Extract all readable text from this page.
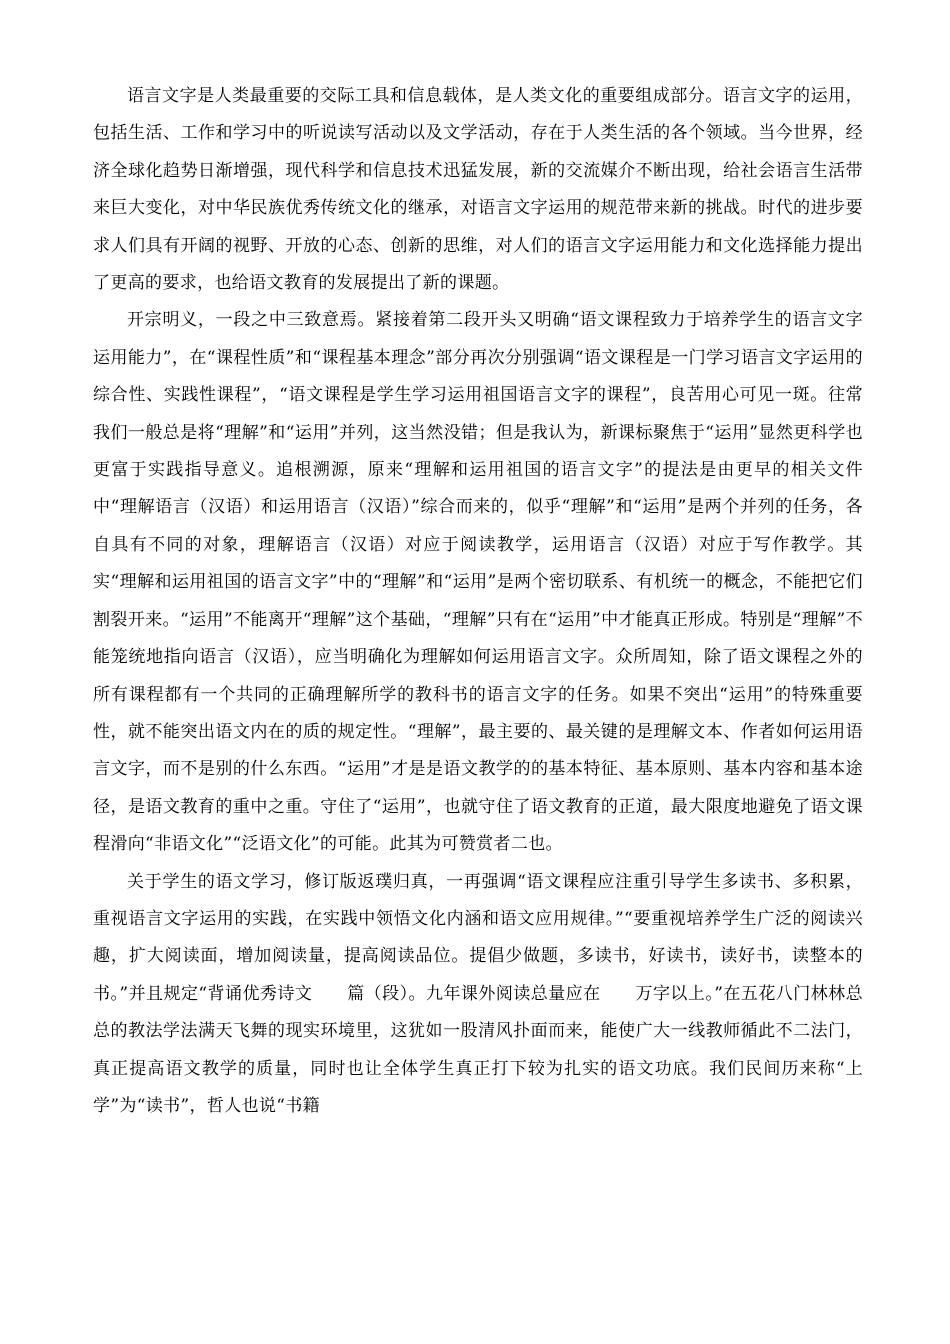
语言文字是人类最重要的交际工具和信息载体，是人类文化的重要组成部分。语言文字的运用，包括生活、工作和学习中的听说读写活动以及文学活动，存在于人类生活的各个领域。当今世界，经济全球化趋势日渐增强，现代科学和信息技术迅猛发展，新的交流媒介不断出现，给社会语言生活带来巨大变化，对中华民族优秀传统文化的继承，对语言文字运用的规范带来新的挑战。时代的进步要求人们具有开阔的视野、开放的心态、创新的思维，对人们的语言文字运用能力和文化选择能力提出了更高的要求，也给语文教育的发展提出了新的课题。

开宗明义，一段之中三致意焉。紧接着第二段开头又明确“语文课程致力于培养学生的语言文字运用能力”，在“课程性质”和“课程基本理念”部分再次分别强调“语文课程是一门学习语言文字运用的综合性、实践性课程”，“语文课程是学生学习运用祖国语言文字的课程”，良苦用心可见一斑。往常我们一般总是将“理解”和“运用”并列，这当然没错；但是我认为，新课标聚焦于“运用”显然更科学也更富于实践指导意义。追根溯源，原来“理解和运用祖国的语言文字”的提法是由更早的相关文件中“理解语言（汉语）和运用语言（汉语）”综合而来的，似乎“理解”和“运用”是两个并列的任务，各自具有不同的对象，理解语言（汉语）对应于阅读教学，运用语言（汉语）对应于写作教学。其实“理解和运用祖国的语言文字”中的“理解”和“运用”是两个密切联系、有机统一的概念，不能把它们割裂开来。“运用”不能离开“理解”这个基础，“理解”只有在“运用”中才能真正形成。特别是“理解”不能笼统地指向语言（汉语），应当明确化为理解如何运用语言文字。众所周知，除了语文课程之外的所有课程都有一个共同的正确理解所学的教科书的语言文字的任务。如果不突出“运用”的特殊重要性，就不能突出语文内在的质的规定性。“理解”，最主要的、最关键的是理解文本、作者如何运用语言文字，而不是别的什么东西。“运用”才是是语文教学的的基本特征、基本原则、基本内容和基本途径，是语文教育的重中之重。守住了“运用”，也就守住了语文教育的正道，最大限度地避免了语文课程滑向“非语文化”“泛语文化”的可能。此其为可赞赏者二也。

关于学生的语文学习，修订版返璞归真，一再强调“语文课程应注重引导学生多读书、多积累，重视语言文字运用的实践，在实践中领悟文化内涵和语文应用规律。”“要重视培养学生广泛的阅读兴趣，扩大阅读面，增加阅读量，提高阅读品位。提倡少做题，多读书，好读书，读好书，读整本的书。”并且规定“背诵优秀诗文　　篇（段）。九年课外阅读总量应在　　万字以上。”在五花八门林林总总的教法学法满天飞舞的现实环境里，这犹如一股清风扑面而来，能使广大一线教师循此不二法门，真正提高语文教学的质量，同时也让全体学生真正打下较为扎实的语文功底。我们民间历来称“上学”为“读书”，哲人也说“书籍
